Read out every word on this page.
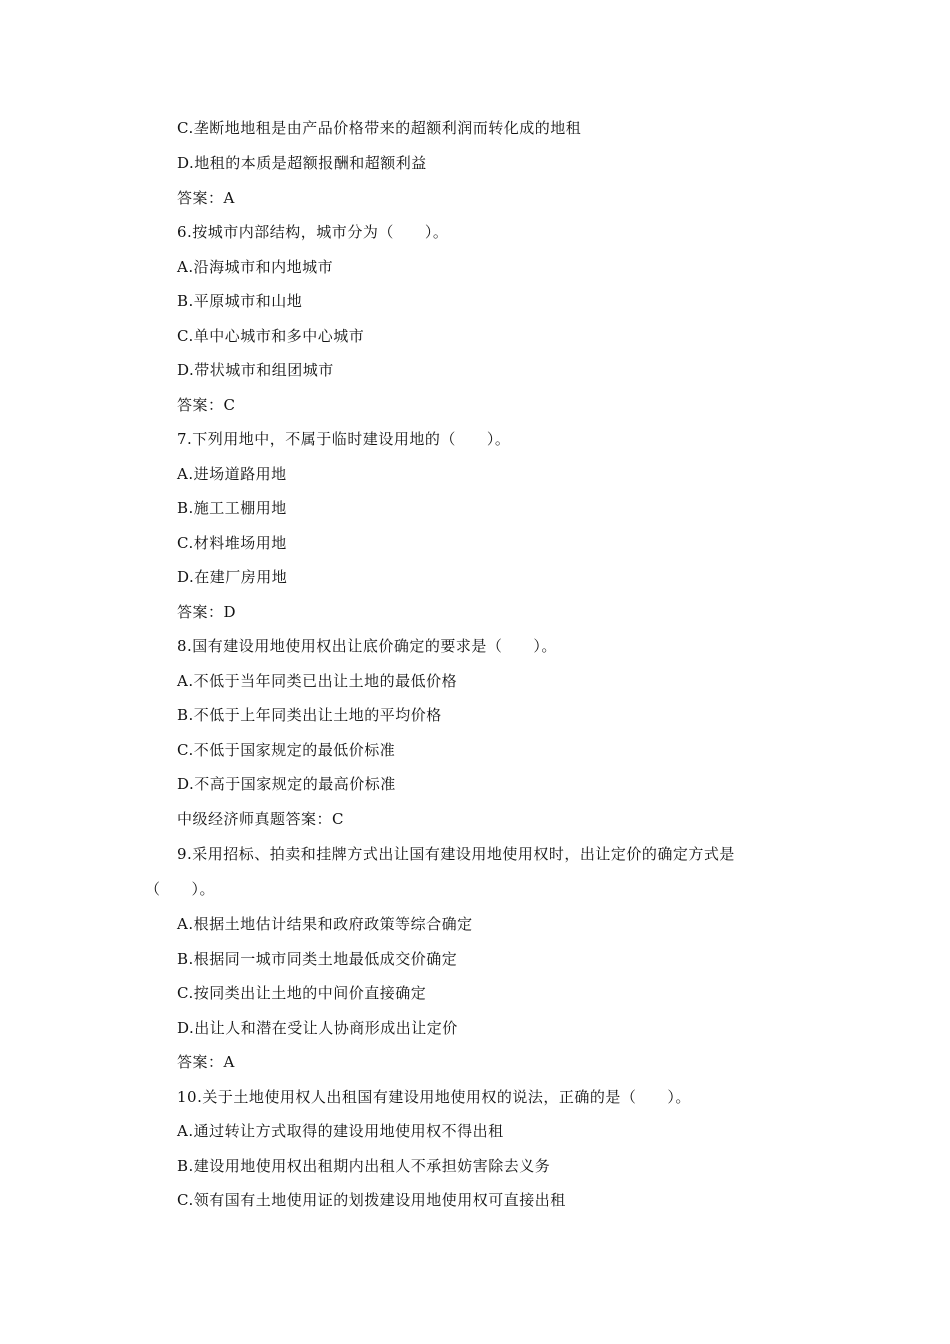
C.垄断地地租是由产品价格带来的超额利润而转化成的地租
D.地租的本质是超额报酬和超额利益
答案：A
6.按城市内部结构，城市分为（　　）。
A.沿海城市和内地城市
B.平原城市和山地
C.单中心城市和多中心城市
D.带状城市和组团城市
答案：C
7.下列用地中，不属于临时建设用地的（　　）。
A.进场道路用地
B.施工工棚用地
C.材料堆场用地
D.在建厂房用地
答案：D
8.国有建设用地使用权出让底价确定的要求是（　　）。
A.不低于当年同类已出让土地的最低价格
B.不低于上年同类出让土地的平均价格
C.不低于国家规定的最低价标准
D.不高于国家规定的最高价标准
中级经济师真题答案：C
9.采用招标、拍卖和挂牌方式出让国有建设用地使用权时，出让定价的确定方式是
（　　）。
A.根据土地估计结果和政府政策等综合确定
B.根据同一城市同类土地最低成交价确定
C.按同类出让土地的中间价直接确定
D.出让人和潜在受让人协商形成出让定价
答案：A
10.关于土地使用权人出租国有建设用地使用权的说法，正确的是（　　）。
A.通过转让方式取得的建设用地使用权不得出租
B.建设用地使用权出租期内出租人不承担妨害除去义务
C.领有国有土地使用证的划拨建设用地使用权可直接出租
